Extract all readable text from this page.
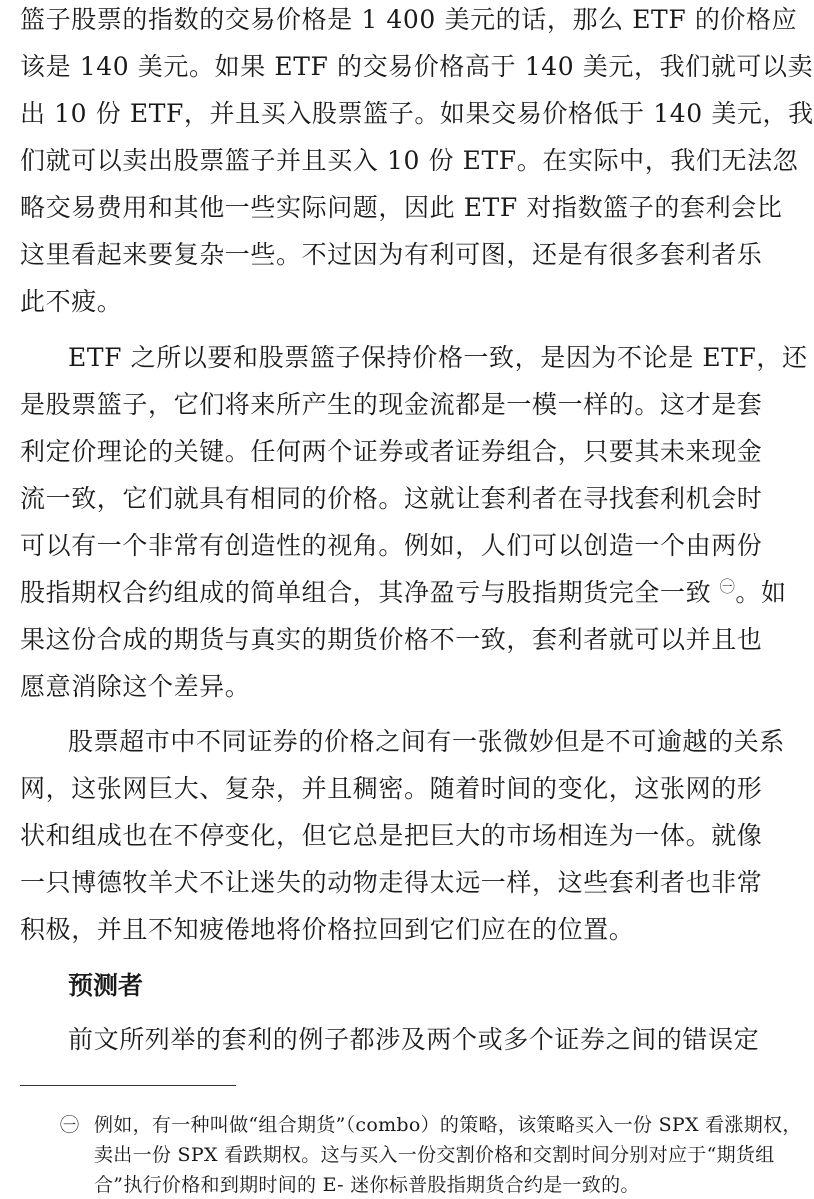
篮子股票的指数的交易价格是 1 400 美元的话，那么 ETF 的价格应
该是 140 美元。如果 ETF 的交易价格高于 140 美元，我们就可以卖
出 10 份 ETF，并且买入股票篮子。如果交易价格低于 140 美元，我
们就可以卖出股票篮子并且买入 10 份 ETF。在实际中，我们无法忽
略交易费用和其他一些实际问题，因此 ETF 对指数篮子的套利会比
这里看起来要复杂一些。不过因为有利可图，还是有很多套利者乐
此不疲。
ETF 之所以要和股票篮子保持价格一致，是因为不论是 ETF，还
是股票篮子，它们将来所产生的现金流都是一模一样的。这才是套
利定价理论的关键。任何两个证券或者证券组合，只要其未来现金
流一致，它们就具有相同的价格。这就让套利者在寻找套利机会时
可以有一个非常有创造性的视角。例如，人们可以创造一个由两份
股指期权合约组成的简单组合，其净盈亏与股指期货完全一致 $^㊀$。如
果这份合成的期货与真实的期货价格不一致，套利者就可以并且也
愿意消除这个差异。
股票超市中不同证券的价格之间有一张微妙但是不可逾越的关系
网，这张网巨大、复杂，并且稠密。随着时间的变化，这张网的形
状和组成也在不停变化，但它总是把巨大的市场相连为一体。就像
一只博德牧羊犬不让迷失的动物走得太远一样，这些套利者也非常
积极，并且不知疲倦地将价格拉回到它们应在的位置。
预测者
前文所列举的套利的例子都涉及两个或多个证券之间的错误定
㊀ 例如，有一种叫做“组合期货”（combo）的策略，该策略买入一份 SPX 看涨期权，
卖出一份 SPX 看跌期权。这与买入一份交割价格和交割时间分别对应于“期货组
合”执行价格和到期时间的 E- 迷你标普股指期货合约是一致的。
